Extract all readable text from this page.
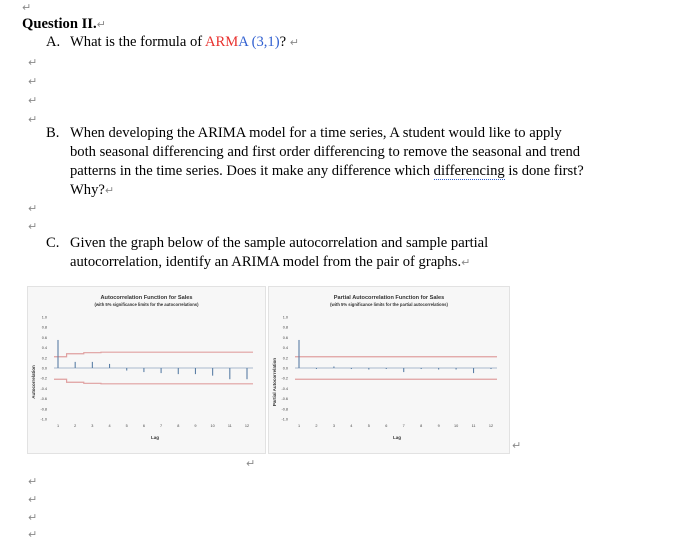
↵
↵
↵
↵
↵
↵
↵
↵
↵
↵
↵
Question II.↵
A. What is the formula of ARMA (3,1)? ↵
B. When developing the ARIMA model for a time series, A student would like to apply
both seasonal differencing and first order differencing to remove the seasonal and trend
patterns in the time series. Does it make any difference which differencing is done first?
Why?↵
C. Given the graph below of the sample autocorrelation and sample partial
autocorrelation, identify an ARIMA model from the pair of graphs.↵
Autocorrelation Function for Sales
(with 5% significance limits for the autocorrelations)
Autocorrelation
Lag
1.0
0.8
0.6
0.4
0.2
0.0
-0.2
-0.4
-0.6
-0.8
-1.0
1	2	3	4	5	6	7	8	9	10	11	12
Partial Autocorrelation Function for Sales
(with 5% significance limits for the partial autocorrelations)
Partial Autocorrelation
Lag
1.0
0.8
0.6
0.4
0.2
0.0
-0.2
-0.4
-0.6
-0.8
-1.0
1	2	3	4	5	6	7	8	9	10	11	12
↵
↵
